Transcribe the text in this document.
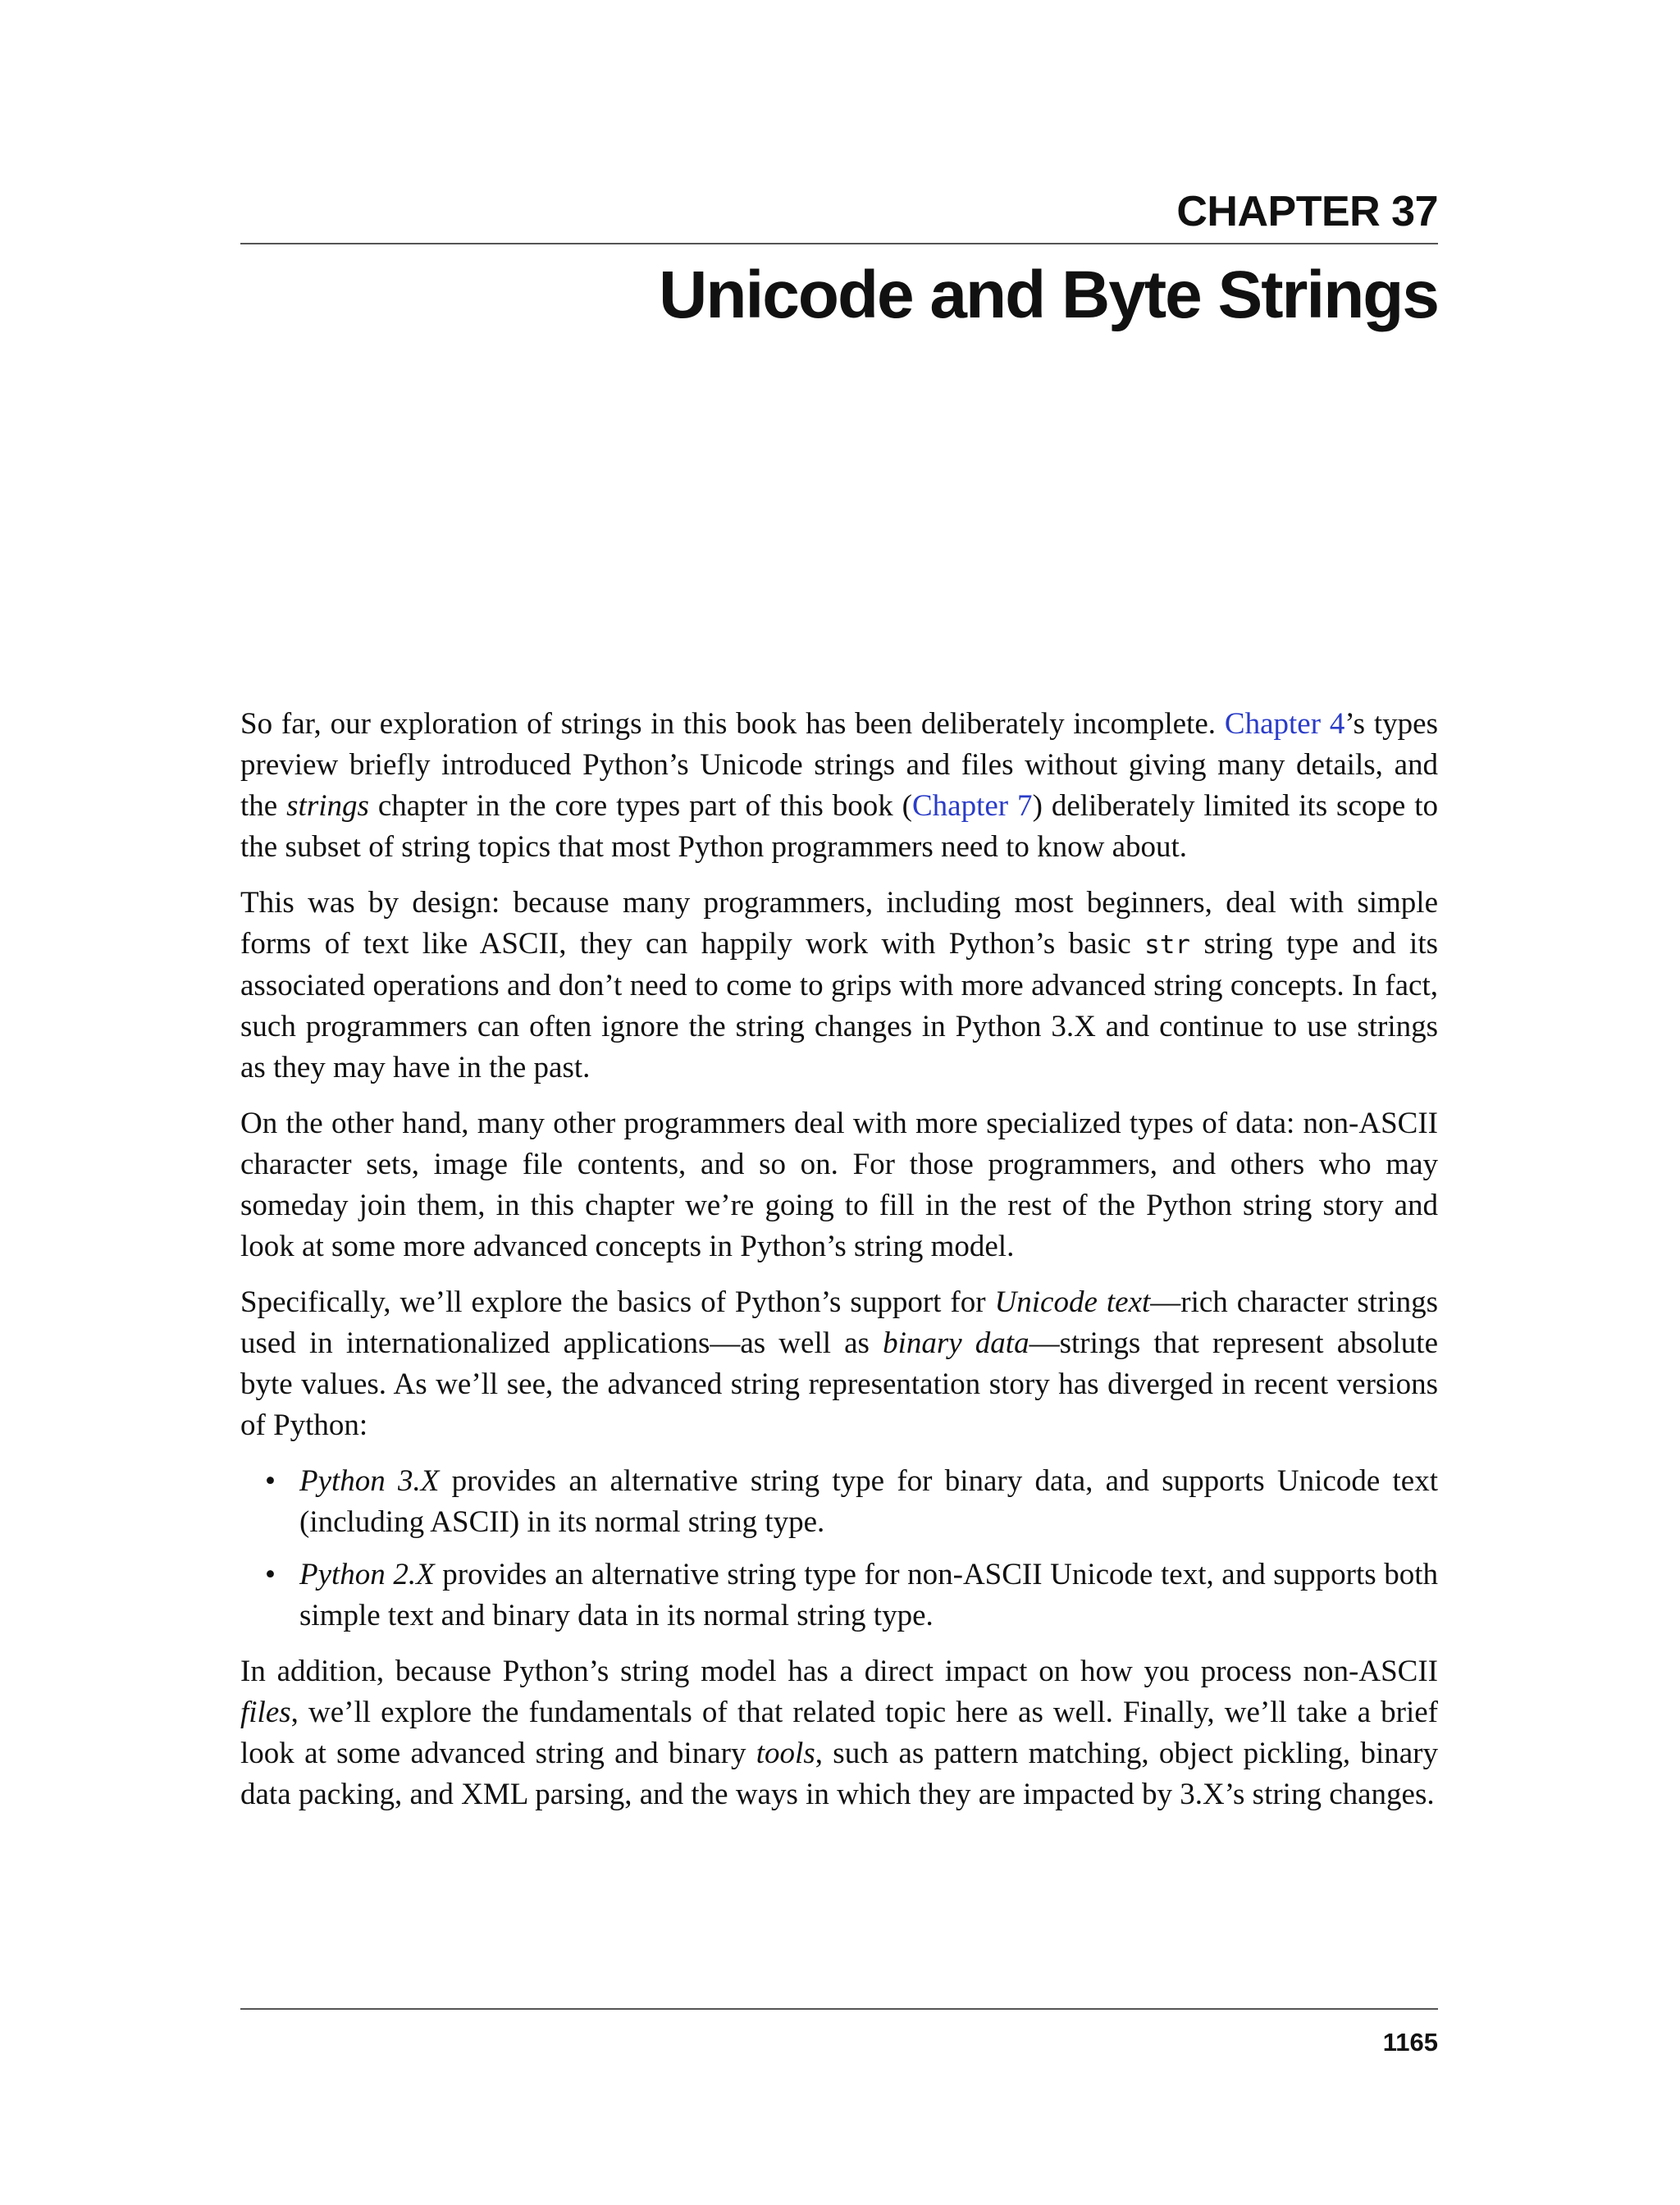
CHAPTER 37
Unicode and Byte Strings

So far, our exploration of strings in this book has been deliberately incomplete. Chapter 4’s types preview briefly introduced Python’s Unicode strings and files without giving many details, and the strings chapter in the core types part of this book (Chapter 7) deliberately limited its scope to the subset of string topics that most Python programmers need to know about.

This was by design: because many programmers, including most beginners, deal with simple forms of text like ASCII, they can happily work with Python’s basic str string type and its associated operations and don’t need to come to grips with more advanced string concepts. In fact, such programmers can often ignore the string changes in Python 3.X and continue to use strings as they may have in the past.

On the other hand, many other programmers deal with more specialized types of data: non-ASCII character sets, image file contents, and so on. For those programmers, and others who may someday join them, in this chapter we’re going to fill in the rest of the Python string story and look at some more advanced concepts in Python’s string model.

Specifically, we’ll explore the basics of Python’s support for Unicode text—rich character strings used in internationalized applications—as well as binary data—strings that represent absolute byte values. As we’ll see, the advanced string representation story has diverged in recent versions of Python:

• Python 3.X provides an alternative string type for binary data, and supports Unicode text (including ASCII) in its normal string type.
• Python 2.X provides an alternative string type for non-ASCII Unicode text, and supports both simple text and binary data in its normal string type.

In addition, because Python’s string model has a direct impact on how you process non-ASCII files, we’ll explore the fundamentals of that related topic here as well. Finally, we’ll take a brief look at some advanced string and binary tools, such as pattern matching, object pickling, binary data packing, and XML parsing, and the ways in which they are impacted by 3.X’s string changes.

1165
